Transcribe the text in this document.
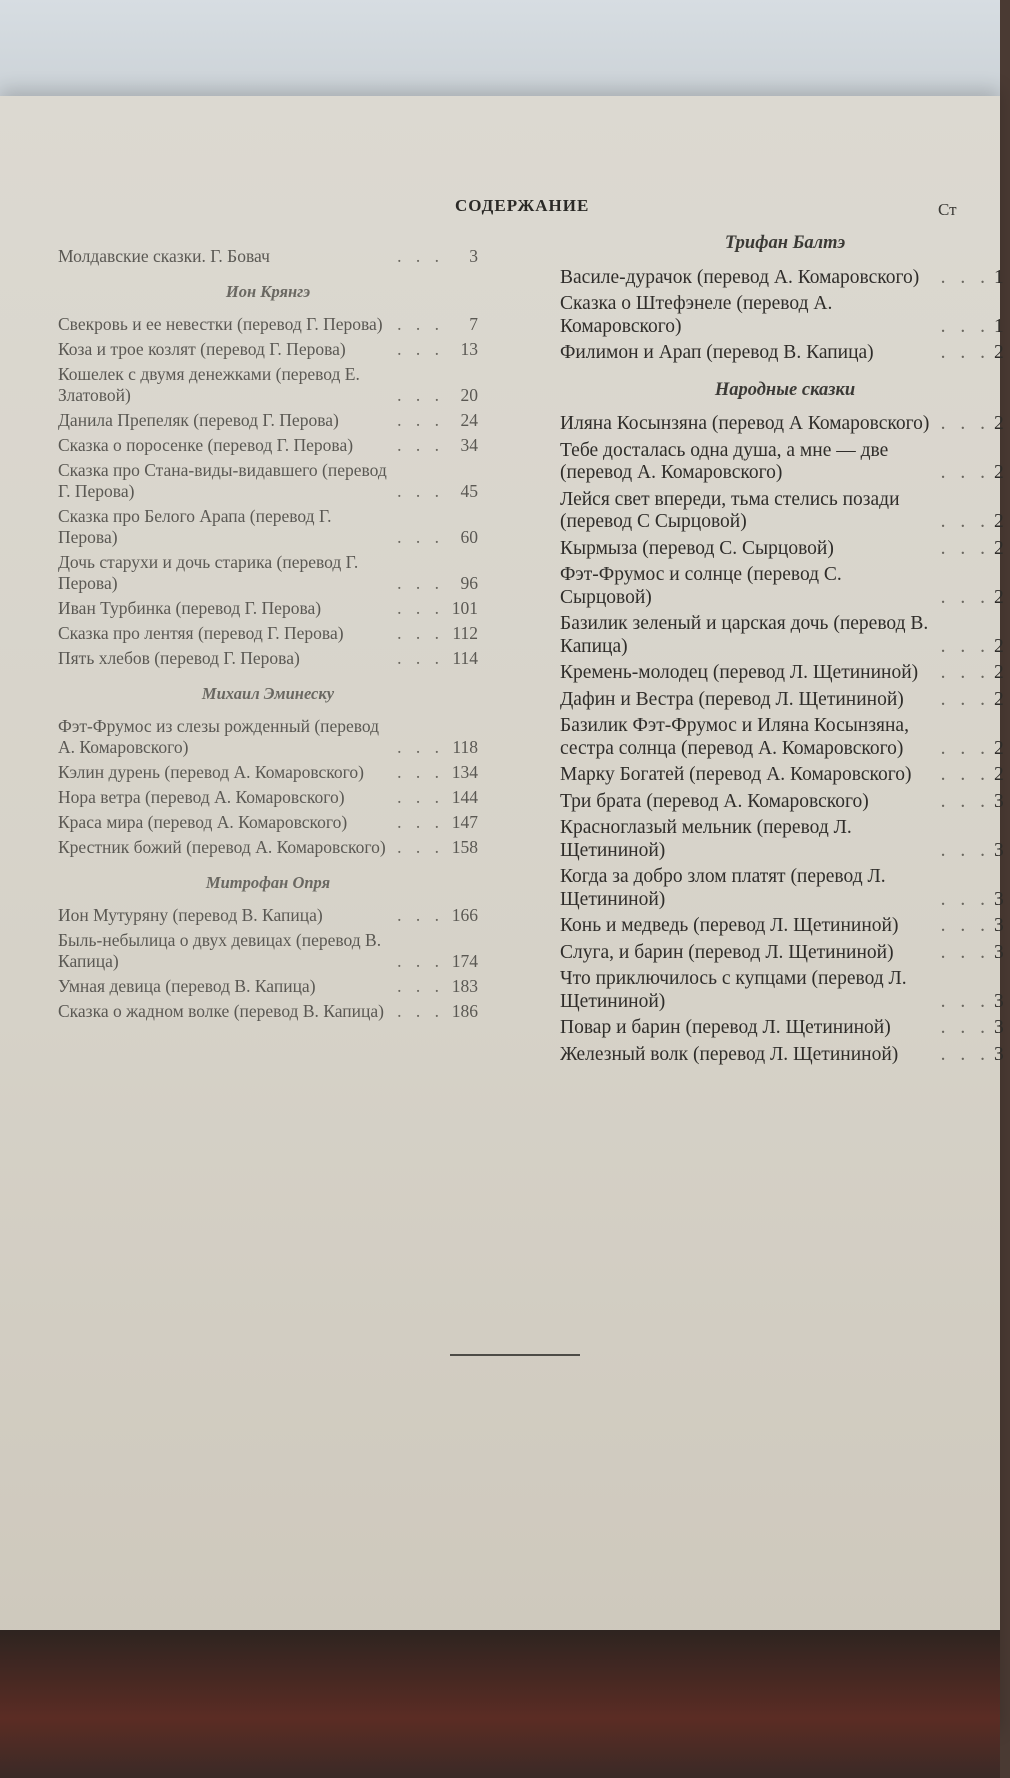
СОДЕРЖАНИЕ	Ст
Молдавские сказки. Г. Бовач	. . .	3
Ион Крянгэ
Свекровь и ее невестки (перевод Г. Перова) . . .	7
Коза и трое козлят (перевод Г. Перова)	. . . 13
Кошелек с двумя денежками (перевод Е. Златовой)	. . . 20
Данила Препеляк (перевод Г. Перова)	. . . 24
Сказка о поросенке (перевод Г. Перова)	. . . 34
Сказка про Стана-виды-видавшего (перевод Г. Перова)	. . . 45
Сказка про Белого Арапа (перевод Г. Перова)	. . . 60
Дочь старухи и дочь старика (перевод Г. Перова)	. . . 96
Иван Турбинка (перевод Г. Перова)	. . . 101
Сказка про лентяя (перевод Г. Перова)	. . . 112
Пять хлебов (перевод Г. Перова)	. . . 114
Михаил Эминеску
Фэт-Фрумос из слезы рожденный (перевод А. Комаровского)	. . . 118
Кэлин дурень (перевод А. Комаровского)	. . . 134
Нора ветра (перевод А. Комаровского)	. . . 144
Краса мира (перевод А. Комаровского)	. . . 147
Крестник божий (перевод А. Комаровского) . . . 158
Митрофан Опря
Ион Мутуряну (перевод В. Капица)	. . . 166
Быль-небылица о двух девицах (перевод В. Капица)	. . . 174
Умная девица (перевод В. Капица)	. . . 183
Сказка о жадном волке (перевод В. Капица) . . . 186
Трифан Балтэ
Василе-дурачок (перевод А. Комаровского)	. . . 1
Сказка о Штефэнеле (перевод А. Комаровского)	. . . 1
Филимон и Арап (перевод В. Капица)	. . . 2
Народные сказки
Иляна Косынзяна (перевод А Комаровского) . . . 2
Тебе досталась одна душа, а мне — две (перевод А. Комаровского)	. . . 2
Лейся свет впереди, тьма стелись позади (перевод С Сырцовой)	. . . 2
Кырмыза (перевод С. Сырцовой)	. . . 2
Фэт-Фрумос и солнце (перевод С. Сырцовой)	. . . 2
Базилик зеленый и царская дочь (перевод В. Капица)	. . . 2
Кремень-молодец (перевод Л. Щетининой)	. . . 2
Дафин и Вестра (перевод Л. Щетининой)	. . . 2
Базилик Фэт-Фрумос и Иляна Косынзяна, сестра солнца (перевод А. Комаровского)	. . . 2
Марку Богатей (перевод А. Комаровского)	. . . 2
Три брата (перевод А. Комаровского)	. . . 3
Красноглазый мельник (перевод Л. Щетининой)	. . . 3
Когда за добро злом платят (перевод Л. Щетининой)	. . . 3
Конь и медведь (перевод Л. Щетининой)	. . . 3
Слуга, и барин (перевод Л. Щетининой)	. . . 3
Что приключилось с купцами (перевод Л. Щетининой)	. . . 3
Повар и барин (перевод Л. Щетининой)	. . . 3
Железный волк (перевод Л. Щетининой)	. . . 3
